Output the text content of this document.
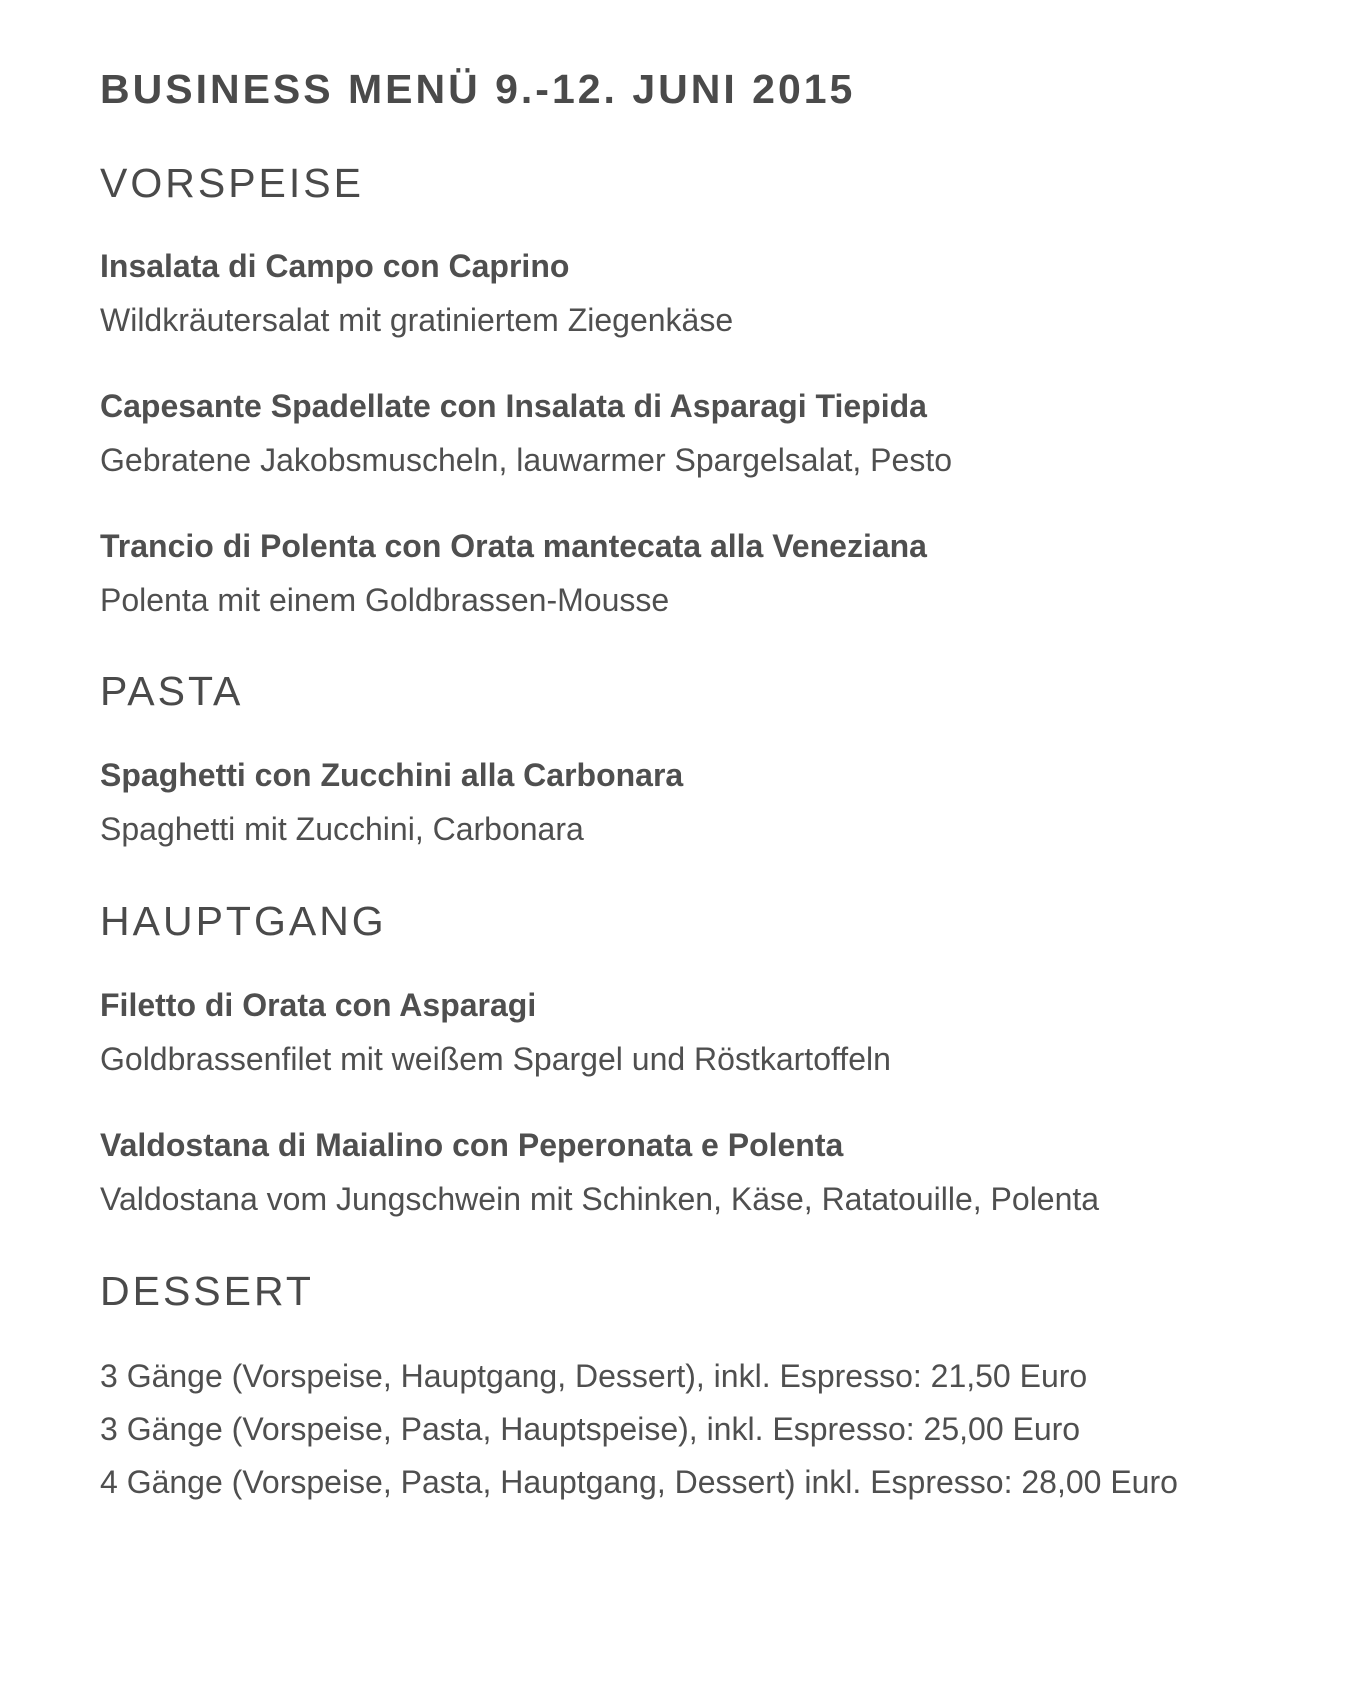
BUSINESS MENÜ 9.-12. JUNI 2015
VORSPEISE
Insalata di Campo con Caprino
Wildkräutersalat mit gratiniertem Ziegenkäse
Capesante Spadellate con Insalata di Asparagi Tiepida
Gebratene Jakobsmuscheln, lauwarmer Spargelsalat, Pesto
Trancio di Polenta con Orata mantecata alla Veneziana
Polenta mit einem Goldbrassen-Mousse
PASTA
Spaghetti con Zucchini alla Carbonara
Spaghetti mit Zucchini, Carbonara
HAUPTGANG
Filetto di Orata con Asparagi
Goldbrassenfilet mit weißem Spargel und Röstkartoffeln
Valdostana di Maialino con Peperonata e Polenta
Valdostana vom Jungschwein mit Schinken, Käse, Ratatouille, Polenta
DESSERT
3 Gänge (Vorspeise, Hauptgang, Dessert), inkl. Espresso: 21,50 Euro
3 Gänge (Vorspeise, Pasta, Hauptspeise), inkl. Espresso: 25,00 Euro
4 Gänge (Vorspeise, Pasta, Hauptgang, Dessert) inkl. Espresso: 28,00 Euro
